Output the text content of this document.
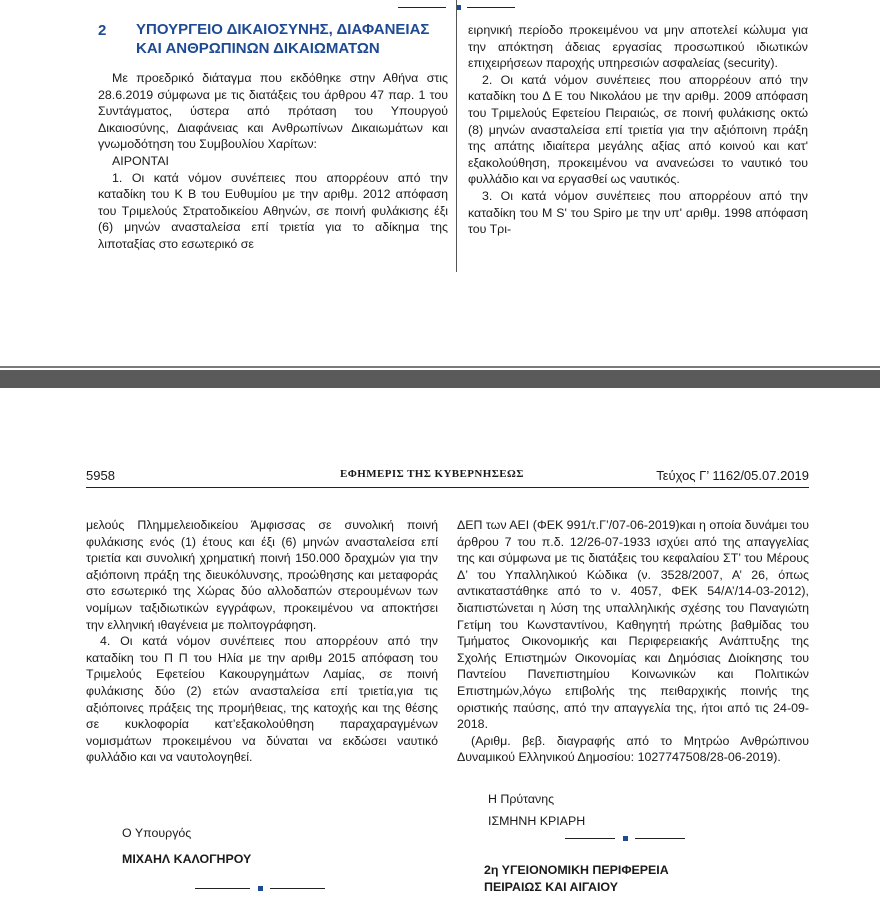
2 ΥΠΟΥΡΓΕΙΟ ΔΙΚΑΙΟΣΥΝΗΣ, ΔΙΑΦΑΝΕΙΑΣ ΚΑΙ ΑΝΘΡΩΠΙΝΩΝ ΔΙΚΑΙΩΜΑΤΩΝ

Με προεδρικό διάταγμα που εκδόθηκε στην Αθήνα στις 28.6.2019 σύμφωνα με τις διατάξεις του άρθρου 47 παρ. 1 του Συντάγματος, ύστερα από πρόταση του Υπουργού Δικαιοσύνης, Διαφάνειας και Ανθρωπίνων Δικαιωμάτων και γνωμοδότηση του Συμβουλίου Χαρίτων:

ΑΙΡΟΝΤΑΙ

1. Οι κατά νόμον συνέπειες που απορρέουν από την καταδίκη του Κ Β του Ευθυμίου με την αριθμ. 2012 απόφαση του Τριμελούς Στρατοδικείου Αθηνών, σε ποινή φυλάκισης έξι (6) μηνών ανασταλείσα επί τριετία για το αδίκημα της λιποταξίας στο εσωτερικό σε

ειρηνική περίοδο προκειμένου να μην αποτελεί κώλυμα για την απόκτηση άδειας εργασίας προσωπικού ιδιωτικών επιχειρήσεων παροχής υπηρεσιών ασφαλείας (security).

2. Οι κατά νόμον συνέπειες που απορρέουν από την καταδίκη του Δ Ε του Νικολάου με την αριθμ. 2009 απόφαση του Τριμελούς Εφετείου Πειραιώς, σε ποινή φυλάκισης οκτώ (8) μηνών ανασταλείσα επί τριετία για την αξιόποινη πράξη της απάτης ιδιαίτερα μεγάλης αξίας από κοινού και κατ' εξακολούθηση, προκειμένου να ανανεώσει το ναυτικό του φυλλάδιο και να εργασθεί ως ναυτικός.

3. Οι κατά νόμον συνέπειες που απορρέουν από την καταδίκη του Μ S' του Spiro με την υπ' αριθμ. 1998 απόφαση του Τρι-

5958	ΕΦΗΜΕΡΙΣ ΤΗΣ ΚΥΒΕΡΝΗΣΕΩΣ	Τεύχος Γ’ 1162/05.07.2019

μελούς Πλημμελειοδικείου Άμφισσας σε συνολική ποινή φυλάκισης ενός (1) έτους και έξι (6) μηνών ανασταλείσα επί τριετία και συνολική χρηματική ποινή 150.000 δραχμών για την αξιόποινη πράξη της διευκόλυνσης, προώθησης και μεταφοράς στο εσωτερικό της Χώρας δύο αλλοδαπών στερουμένων των νομίμων ταξιδιωτικών εγγράφων, προκειμένου να αποκτήσει την ελληνική ιθαγένεια με πολιτογράφηση.

4. Οι κατά νόμον συνέπειες που απορρέουν από την καταδίκη του Π Π του Ηλία με την αριθμ 2015 απόφαση του Τριμελούς Εφετείου Κακουργημάτων Λαμίας, σε ποινή φυλάκισης δύο (2) ετών ανασταλείσα επί τριετία,για τις αξιόποινες πράξεις της προμήθειας, της κατοχής και της θέσης σε κυκλοφορία κατ’εξακολούθηση παραχαραγμένων νομισμάτων προκειμένου να δύναται να εκδώσει ναυτικό φυλλάδιο και να ναυτολογηθεί.

Ο Υπουργός
ΜΙΧΑΗΛ ΚΑΛΟΓΗΡΟΥ

ΔΕΠ των ΑΕΙ (ΦΕΚ 991/τ.Γ’/07-06-2019)και η οποία δυνάμει του άρθρου 7 του π.δ. 12/26-07-1933 ισχύει από της απαγγελίας της και σύμφωνα με τις διατάξεις του κεφαλαίου ΣΤ’ του Μέρους Δ’ του Υπαλληλικού Κώδικα (ν. 3528/2007, Α’ 26, όπως αντικαταστάθηκε από το ν. 4057, ΦΕΚ 54/Α’/14-03-2012), διαπιστώνεται η λύση της υπαλληλικής σχέσης του Παναγιώτη Γετίμη του Κωνσταντίνου, Καθηγητή πρώτης βαθμίδας του Τμήματος Οικονομικής και Περιφερειακής Ανάπτυξης της Σχολής Επιστημών Οικονομίας και Δημόσιας Διοίκησης του Παντείου Πανεπιστημίου Κοινωνικών και Πολιτικών Επιστημών,λόγω επιβολής της πειθαρχικής ποινής της οριστικής παύσης, από την απαγγελία της, ήτοι από τις 24-09-2018.

(Αριθμ. βεβ. διαγραφής από το Μητρώο Ανθρώπινου Δυναμικού Ελληνικού Δημοσίου: 1027747508/28-06-2019).

Η Πρύτανης
ΙΣΜΗΝΗ ΚΡΙΑΡΗ
2η ΥΓΕΙΟΝΟΜΙΚΗ ΠΕΡΙΦΕΡΕΙΑ
ΠΕΙΡΑΙΩΣ ΚΑΙ ΑΙΓΑΙΟΥ
